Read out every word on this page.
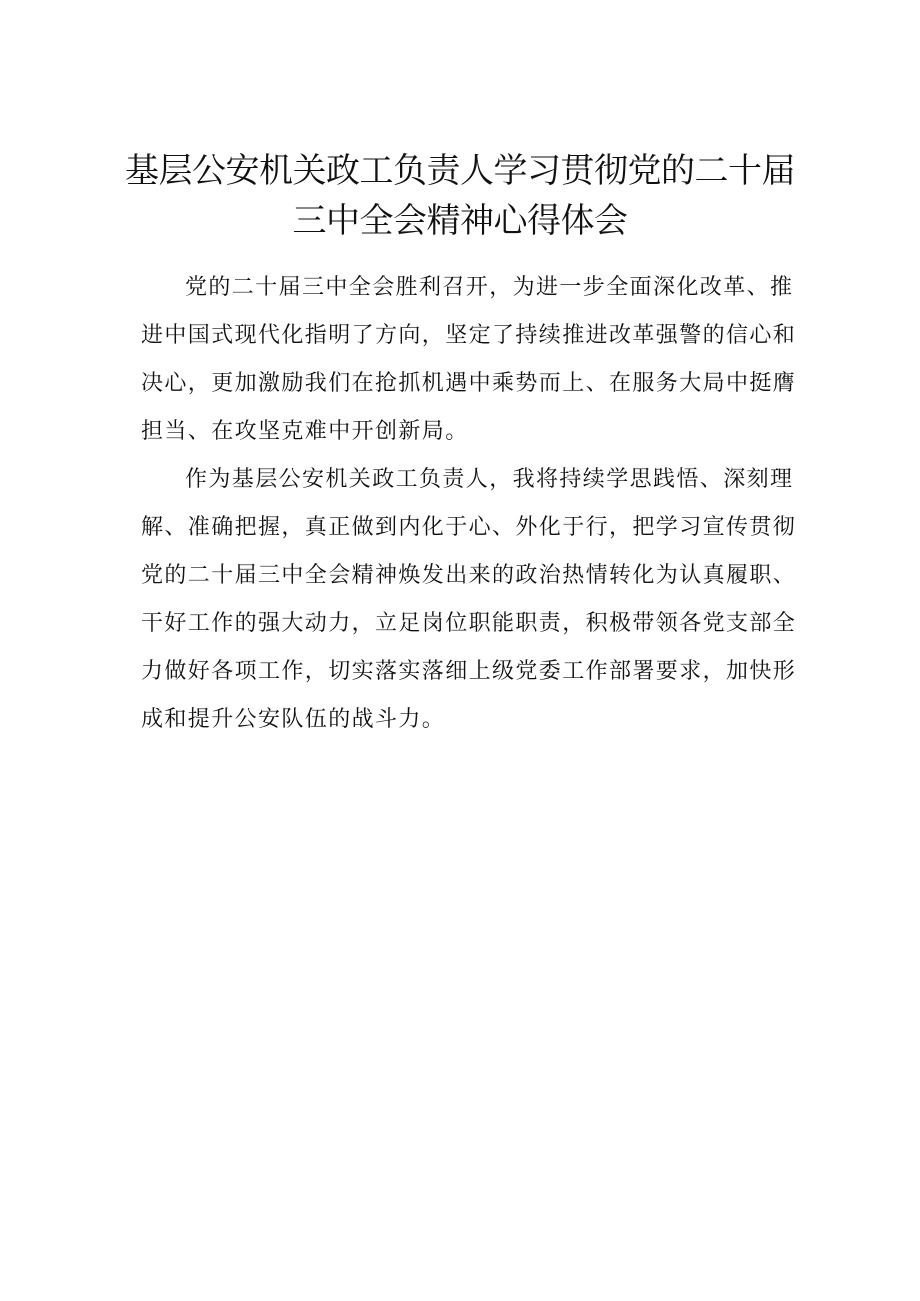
基层公安机关政工负责人学习贯彻党的二十届
三中全会精神心得体会

党的二十届三中全会胜利召开，为进一步全面深化改革、推
进中国式现代化指明了方向，坚定了持续推进改革强警的信心和
决心，更加激励我们在抢抓机遇中乘势而上、在服务大局中挺膺
担当、在攻坚克难中开创新局。

作为基层公安机关政工负责人，我将持续学思践悟、深刻理
解、准确把握，真正做到内化于心、外化于行，把学习宣传贯彻
党的二十届三中全会精神焕发出来的政治热情转化为认真履职、
干好工作的强大动力，立足岗位职能职责，积极带领各党支部全
力做好各项工作，切实落实落细上级党委工作部署要求，加快形
成和提升公安队伍的战斗力。
